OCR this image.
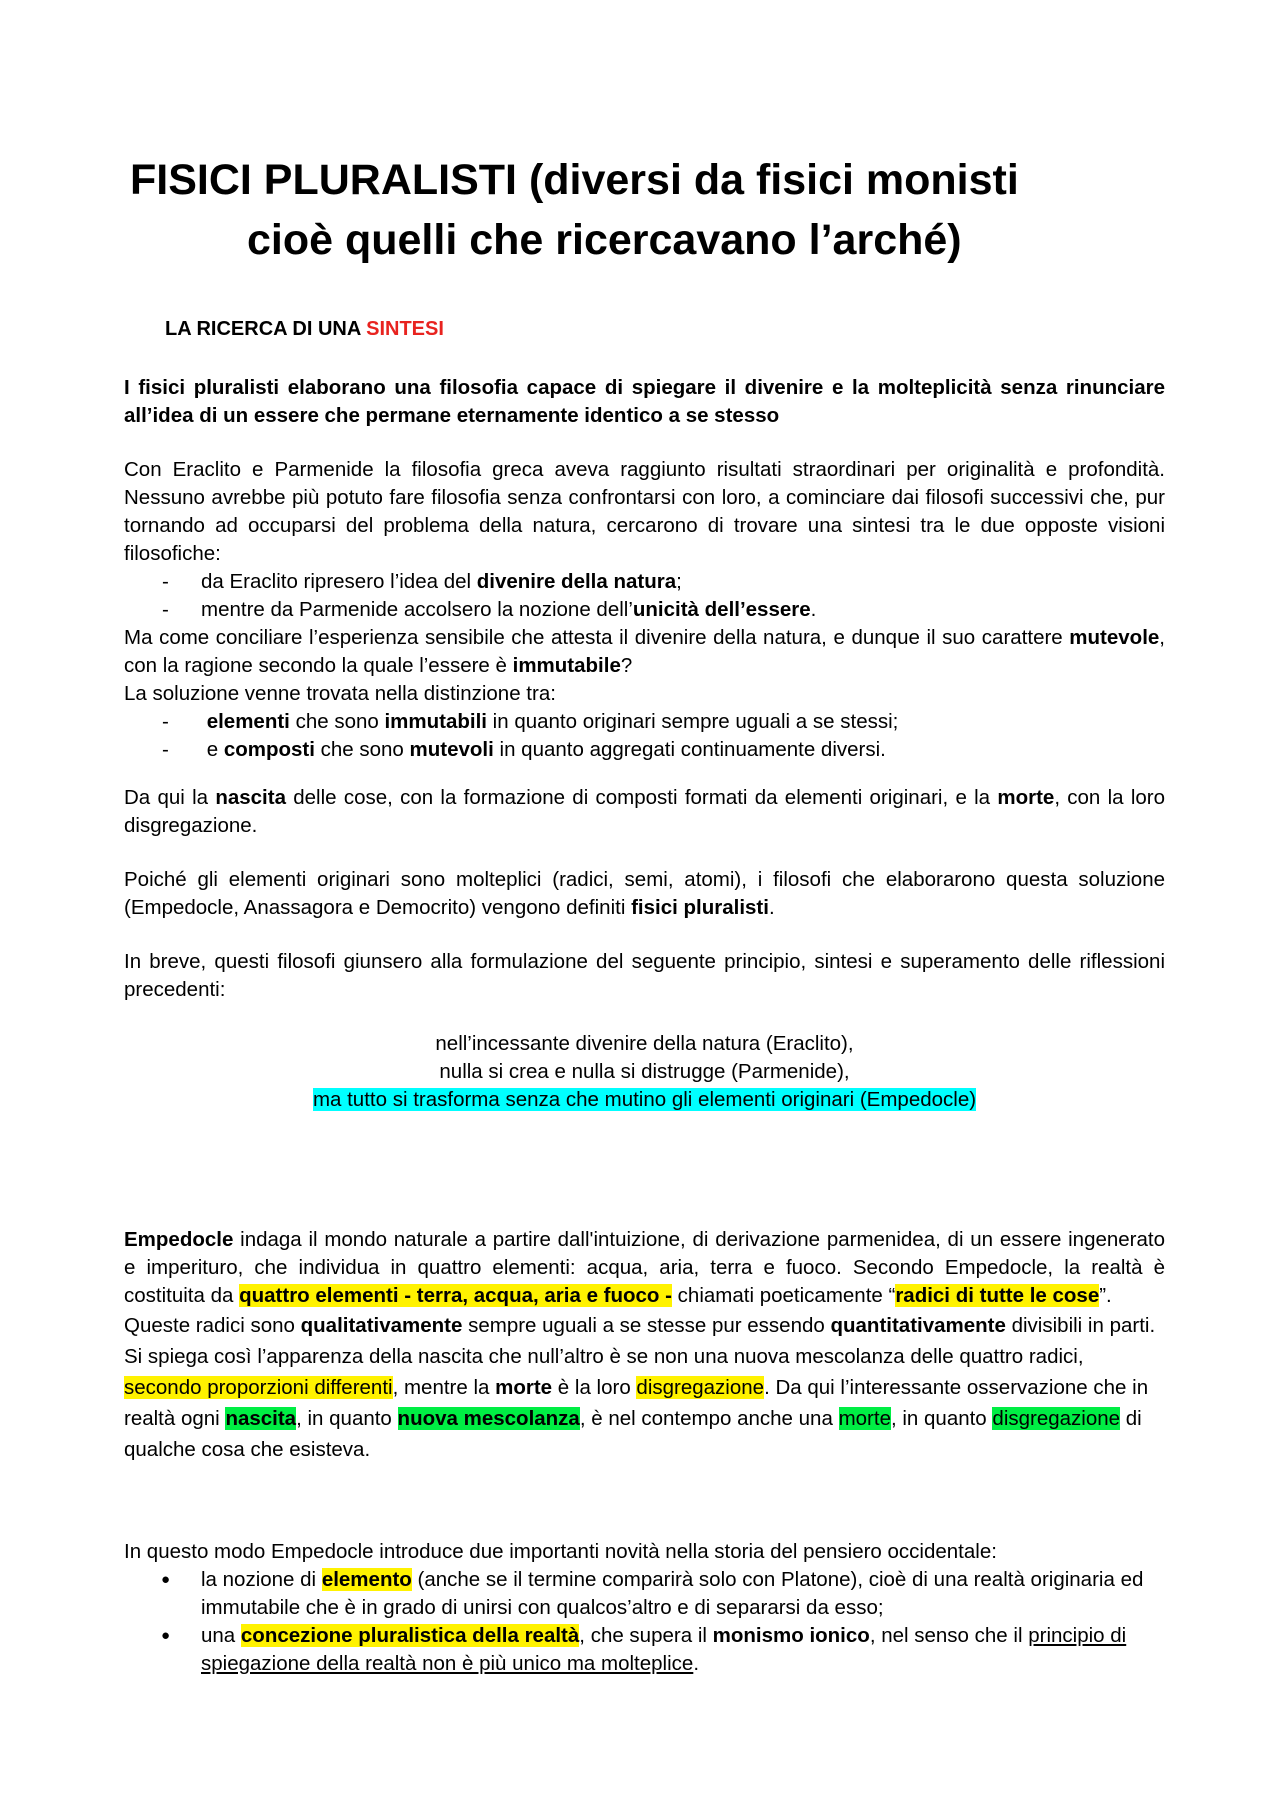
FISICI PLURALISTI (diversi da fisici monisti
cioè quelli che ricercavano l’arché)
LA RICERCA DI UNA SINTESI

I fisici pluralisti elaborano una filosofia capace di spiegare il divenire e la molteplicità senza rinunciare all’idea di un essere che permane eternamente identico a se stesso

Con Eraclito e Parmenide la filosofia greca aveva raggiunto risultati straordinari per originalità e profondità. Nessuno avrebbe più potuto fare filosofia senza confrontarsi con loro, a cominciare dai filosofi successivi che, pur tornando ad occuparsi del problema della natura, cercarono di trovare una sintesi tra le due opposte visioni filosofiche:

- da Eraclito ripresero l’idea del divenire della natura;
- mentre da Parmenide accolsero la nozione dell’unicità dell’essere.

Ma come conciliare l’esperienza sensibile che attesta il divenire della natura, e dunque il suo carattere mutevole, con la ragione secondo la quale l’essere è immutabile?

La soluzione venne trovata nella distinzione tra:

- elementi che sono immutabili in quanto originari sempre uguali a se stessi;
- e composti che sono mutevoli in quanto aggregati continuamente diversi.

Da qui la nascita delle cose, con la formazione di composti formati da elementi originari, e la morte, con la loro disgregazione.

Poiché gli elementi originari sono molteplici (radici, semi, atomi), i filosofi che elaborarono questa soluzione (Empedocle, Anassagora e Democrito) vengono definiti fisici pluralisti.

In breve, questi filosofi giunsero alla formulazione del seguente principio, sintesi e superamento delle riflessioni precedenti:

nell’incessante divenire della natura (Eraclito),
nulla si crea e nulla si distrugge (Parmenide),
ma tutto si trasforma senza che mutino gli elementi originari (Empedocle)

Empedocle indaga il mondo naturale a partire dall'intuizione, di derivazione parmenidea, di un essere ingenerato e imperituro, che individua in quattro elementi: acqua, aria, terra e fuoco. Secondo Empedocle, la realtà è costituita da quattro elementi - terra, acqua, aria e fuoco - chiamati poeticamente “radici di tutte le cose”.

Queste radici sono qualitativamente sempre uguali a se stesse pur essendo quantitativamente divisibili in parti. Si spiega così l’apparenza della nascita che null’altro è se non una nuova mescolanza delle quattro radici, secondo proporzioni differenti, mentre la morte è la loro disgregazione. Da qui l’interessante osservazione che in realtà ogni nascita, in quanto nuova mescolanza, è nel contempo anche una morte, in quanto disgregazione di qualche cosa che esisteva.

In questo modo Empedocle introduce due importanti novità nella storia del pensiero occidentale:

● la nozione di elemento (anche se il termine comparirà solo con Platone), cioè di una realtà originaria ed immutabile che è in grado di unirsi con qualcos’altro e di separarsi da esso;
● una concezione pluralistica della realtà, che supera il monismo ionico, nel senso che il principio di spiegazione della realtà non è più unico ma molteplice.
